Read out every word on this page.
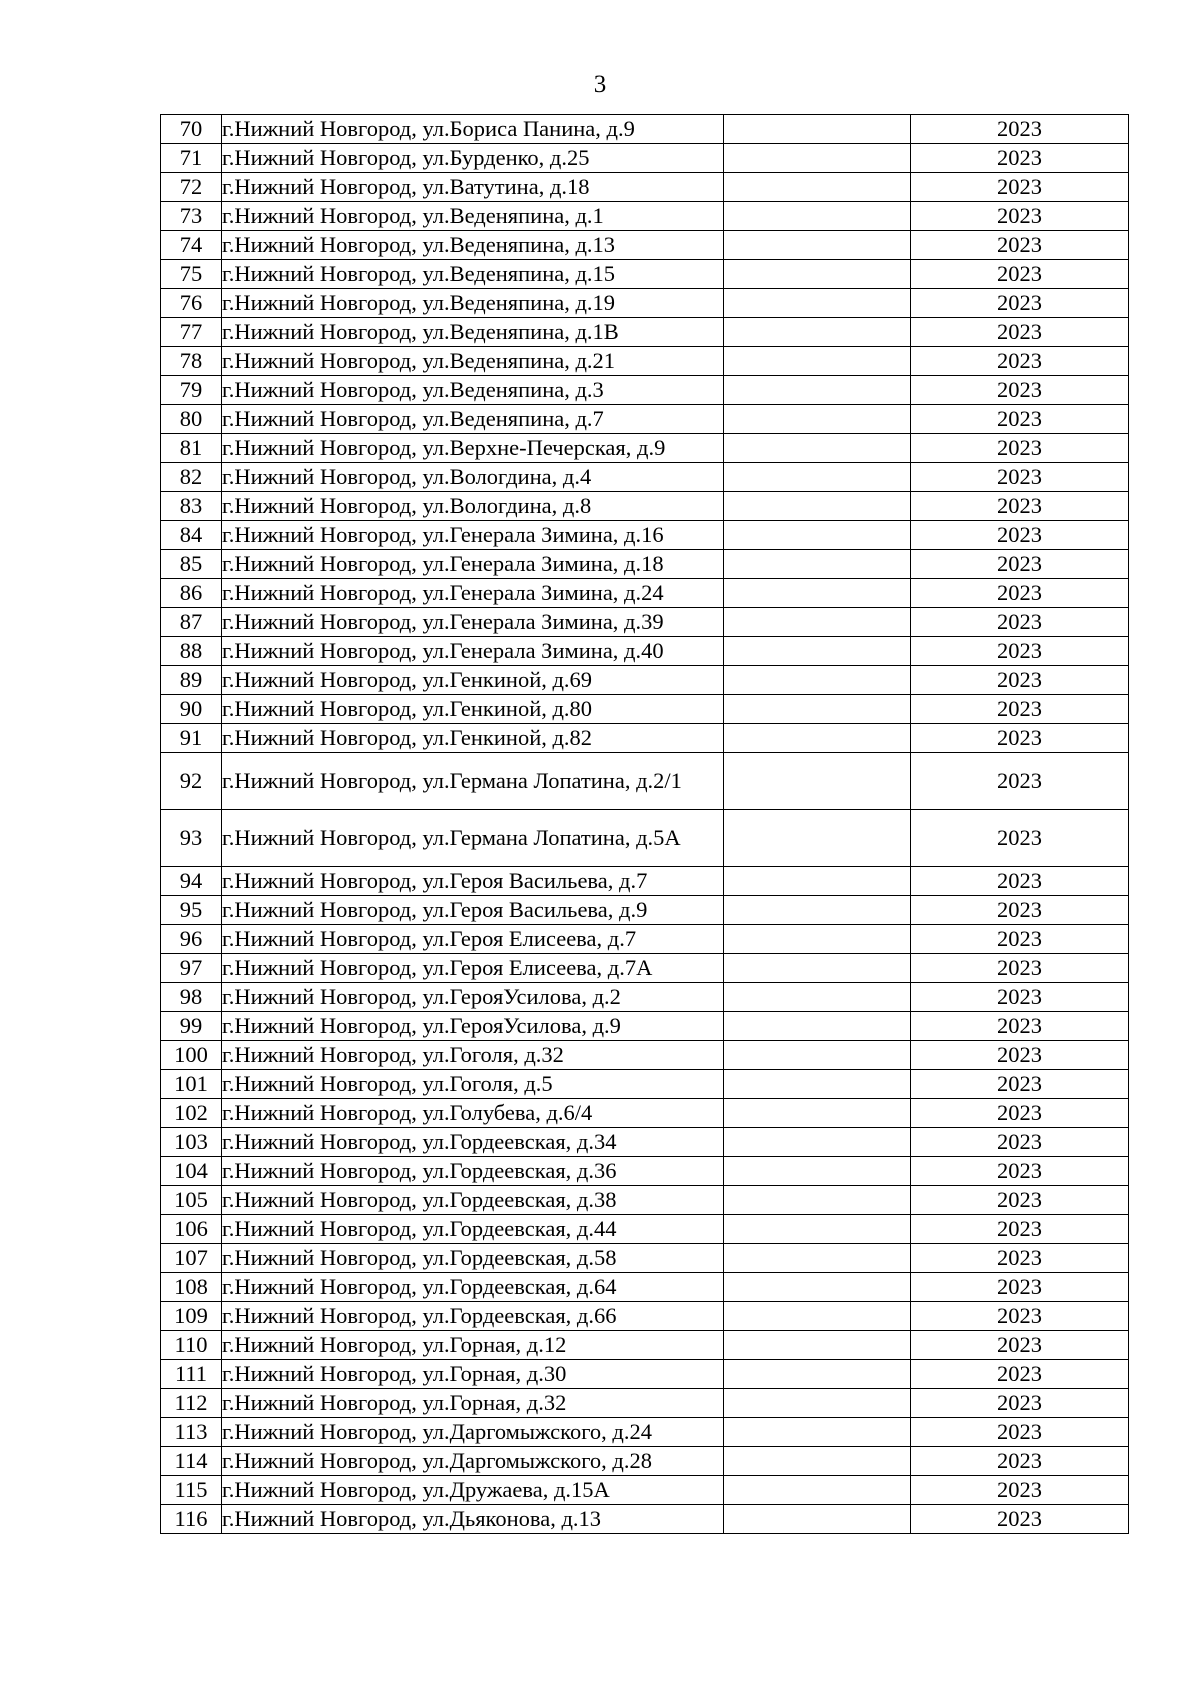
3
70	г.Нижний Новгород, ул.Бориса Панина, д.9		2023
71	г.Нижний Новгород, ул.Бурденко, д.25		2023
72	г.Нижний Новгород, ул.Ватутина, д.18		2023
73	г.Нижний Новгород, ул.Веденяпина, д.1		2023
74	г.Нижний Новгород, ул.Веденяпина, д.13		2023
75	г.Нижний Новгород, ул.Веденяпина, д.15		2023
76	г.Нижний Новгород, ул.Веденяпина, д.19		2023
77	г.Нижний Новгород, ул.Веденяпина, д.1В		2023
78	г.Нижний Новгород, ул.Веденяпина, д.21		2023
79	г.Нижний Новгород, ул.Веденяпина, д.3		2023
80	г.Нижний Новгород, ул.Веденяпина, д.7		2023
81	г.Нижний Новгород, ул.Верхне-Печерская, д.9		2023
82	г.Нижний Новгород, ул.Вологдина, д.4		2023
83	г.Нижний Новгород, ул.Вологдина, д.8		2023
84	г.Нижний Новгород, ул.Генерала Зимина, д.16		2023
85	г.Нижний Новгород, ул.Генерала Зимина, д.18		2023
86	г.Нижний Новгород, ул.Генерала Зимина, д.24		2023
87	г.Нижний Новгород, ул.Генерала Зимина, д.39		2023
88	г.Нижний Новгород, ул.Генерала Зимина, д.40		2023
89	г.Нижний Новгород, ул.Генкиной, д.69		2023
90	г.Нижний Новгород, ул.Генкиной, д.80		2023
91	г.Нижний Новгород, ул.Генкиной, д.82		2023
92	г.Нижний Новгород, ул.Германа Лопатина, д.2/1		2023
93	г.Нижний Новгород, ул.Германа Лопатина, д.5А		2023
94	г.Нижний Новгород, ул.Героя Васильева, д.7		2023
95	г.Нижний Новгород, ул.Героя Васильева, д.9		2023
96	г.Нижний Новгород, ул.Героя Елисеева, д.7		2023
97	г.Нижний Новгород, ул.Героя Елисеева, д.7А		2023
98	г.Нижний Новгород, ул.ГерояУсилова, д.2		2023
99	г.Нижний Новгород, ул.ГерояУсилова, д.9		2023
100	г.Нижний Новгород, ул.Гоголя, д.32		2023
101	г.Нижний Новгород, ул.Гоголя, д.5		2023
102	г.Нижний Новгород, ул.Голубева, д.6/4		2023
103	г.Нижний Новгород, ул.Гордеевская, д.34		2023
104	г.Нижний Новгород, ул.Гордеевская, д.36		2023
105	г.Нижний Новгород, ул.Гордеевская, д.38		2023
106	г.Нижний Новгород, ул.Гордеевская, д.44		2023
107	г.Нижний Новгород, ул.Гордеевская, д.58		2023
108	г.Нижний Новгород, ул.Гордеевская, д.64		2023
109	г.Нижний Новгород, ул.Гордеевская, д.66		2023
110	г.Нижний Новгород, ул.Горная, д.12		2023
111	г.Нижний Новгород, ул.Горная, д.30		2023
112	г.Нижний Новгород, ул.Горная, д.32		2023
113	г.Нижний Новгород, ул.Даргомыжского, д.24		2023
114	г.Нижний Новгород, ул.Даргомыжского, д.28		2023
115	г.Нижний Новгород, ул.Дружаева, д.15А		2023
116	г.Нижний Новгород, ул.Дьяконова, д.13		2023
